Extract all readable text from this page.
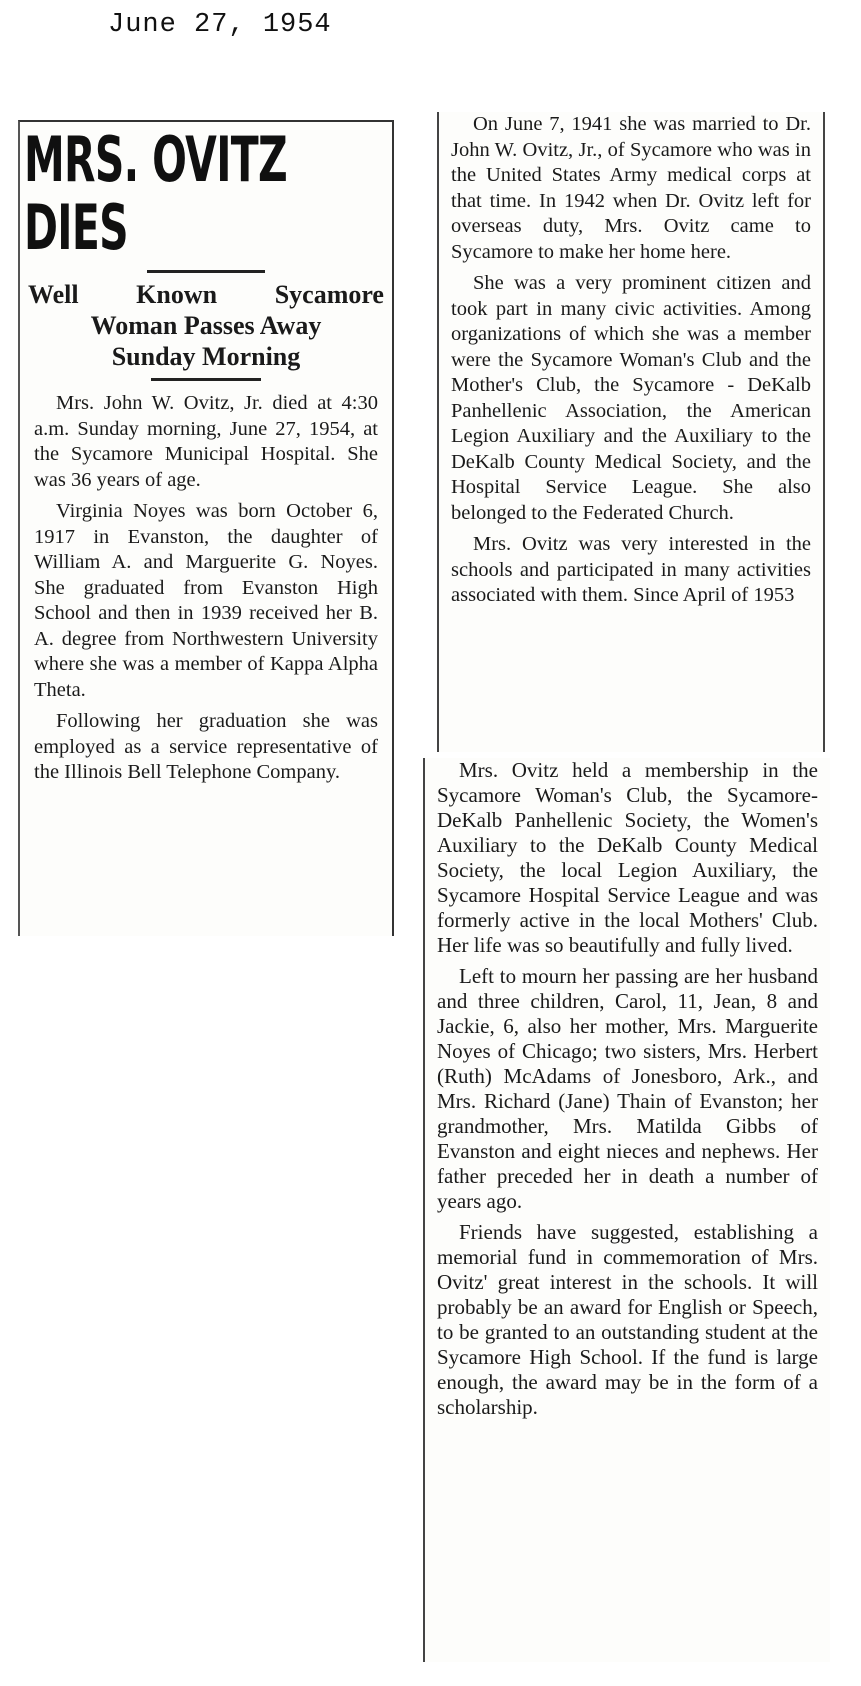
June 27, 1954
MRS. OVITZ DIES
Well Known Sycamore
Woman Passes Away
Sunday Morning

Mrs. John W. Ovitz, Jr. died at 4:30 a.m. Sunday morning, June 27, 1954, at the Sycamore Municipal Hospital. She was 36 years of age.

Virginia Noyes was born October 6, 1917 in Evanston, the daughter of William A. and Marguerite G. Noyes. She graduated from Evanston High School and then in 1939 received her B. A. degree from Northwestern University where she was a member of Kappa Alpha Theta.

Following her graduation she was employed as a service representative of the Illinois Bell Telephone Company.

On June 7, 1941 she was married to Dr. John W. Ovitz, Jr., of Sycamore who was in the United States Army medical corps at that time. In 1942 when Dr. Ovitz left for overseas duty, Mrs. Ovitz came to Sycamore to make her home here.

She was a very prominent citizen and took part in many civic activities. Among organizations of which she was a member were the Sycamore Woman's Club and the Mother's Club, the Sycamore - DeKalb Panhellenic Association, the American Legion Auxiliary and the Auxiliary to the DeKalb County Medical Society, and the Hospital Service League. She also belonged to the Federated Church.

Mrs. Ovitz was very interested in the schools and participated in many activities associated with them. Since April of 1953

Mrs. Ovitz held a membership in the Sycamore Woman's Club, the Sycamore-DeKalb Panhellenic Society, the Women's Auxiliary to the DeKalb County Medical Society, the local Legion Auxiliary, the Sycamore Hospital Service League and was formerly active in the local Mothers' Club. Her life was so beautifully and fully lived.

Left to mourn her passing are her husband and three children, Carol, 11, Jean, 8 and Jackie, 6, also her mother, Mrs. Marguerite Noyes of Chicago; two sisters, Mrs. Herbert (Ruth) McAdams of Jonesboro, Ark., and Mrs. Richard (Jane) Thain of Evanston; her grandmother, Mrs. Matilda Gibbs of Evanston and eight nieces and nephews. Her father preceded her in death a number of years ago.

Friends have suggested, establishing a memorial fund in commemoration of Mrs. Ovitz' great interest in the schools. It will probably be an award for English or Speech, to be granted to an outstanding student at the Sycamore High School. If the fund is large enough, the award may be in the form of a scholarship.
